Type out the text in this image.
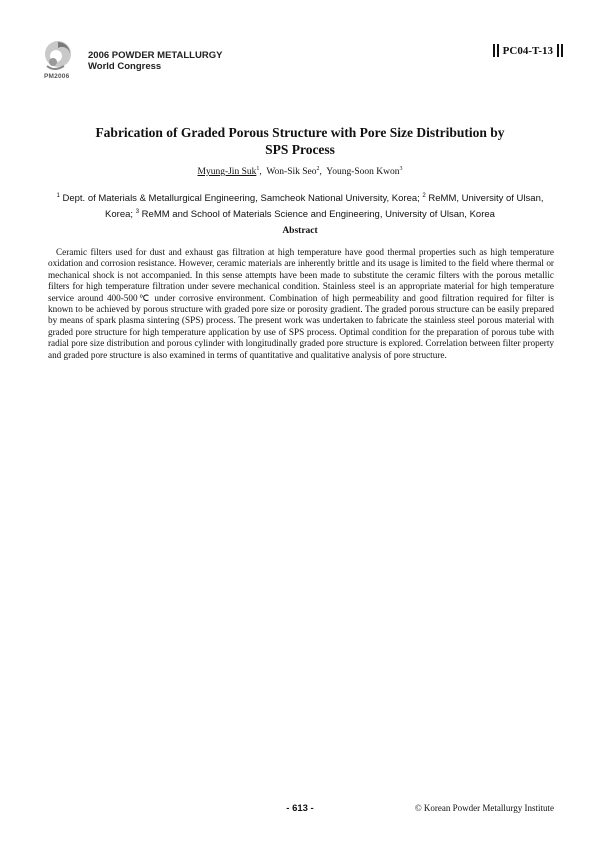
PM2006
2006 POWDER METALLURGY
World Congress
PC04-T-13
Fabrication of Graded Porous Structure with Pore Size Distribution by
SPS Process
Myung-Jin Suk$^1$,  Won-Sik Seo$^2$,  Young-Soon Kwon$^3$
$^1$ Dept. of Materials & Metallurgical Engineering, Samcheok National University, Korea; $^2$ ReMM, University of Ulsan, Korea; $^3$ ReMM and School of Materials Science and Engineering, University of Ulsan, Korea
Abstract
Ceramic filters used for dust and exhaust gas filtration at high temperature have good thermal properties such as high temperature oxidation and corrosion resistance. However, ceramic materials are inherently brittle and its usage is limited to the field where thermal or mechanical shock is not accompanied. In this sense attempts have been made to substitute the ceramic filters with the porous metallic filters for high temperature filtration under severe mechanical condition. Stainless steel is an appropriate material for high temperature service around 400-500℃ under corrosive environment. Combination of high permeability and good filtration required for filter is known to be achieved by porous structure with graded pore size or porosity gradient. The graded porous structure can be easily prepared by means of spark plasma sintering (SPS) process. The present work was undertaken to fabricate the stainless steel porous material with graded pore structure for high temperature application by use of SPS process. Optimal condition for the preparation of porous tube with radial pore size distribution and porous cylinder with longitudinally graded pore structure is explored. Correlation between filter property and graded pore structure is also examined in terms of quantitative and qualitative analysis of pore structure.
- 613 -	© Korean Powder Metallurgy Institute
